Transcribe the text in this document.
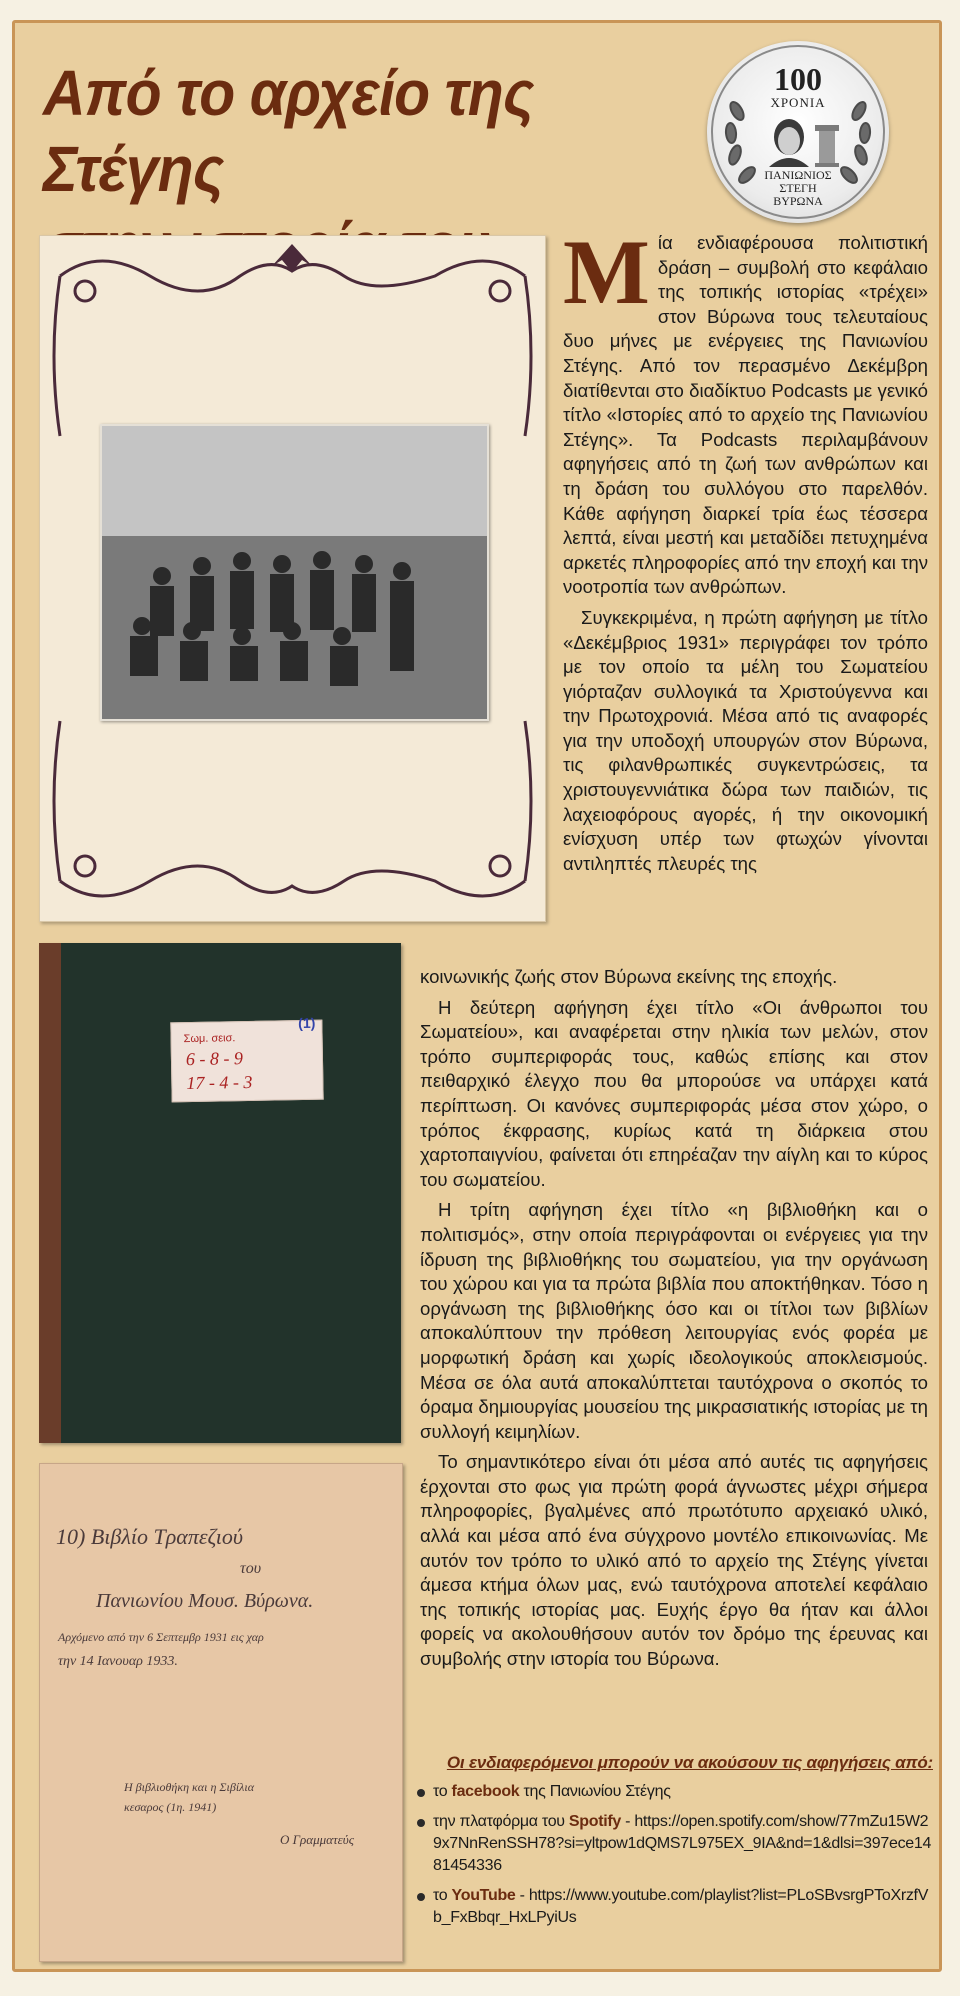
Από το αρχείο της Στέγης

100
ΧΡΟΝΙΑ
ΠΑΝΙΩΝΙΟΣ
ΣΤΕΓΗ
ΒΥΡΩΝΑ
(1)
Σωμ. σεισ.
6 - 8 - 9
17 - 4 - 3
10) Βιβλίο Τραπεζιού
του
Πανιωνίου Μουσ. Βύρωνα.
Αρχόμενο από την 6 Σεπτεμβρ 1931 εις χαρ
την 14 Ιανουαρ 1933.
Η βιβλιοθήκη και η Σιβίλια
κεσαρος (1η. 1941)
Ο Γραμματεύς

Μία ενδιαφέρουσα πολιτιστική δράση – συμβολή στο κεφάλαιο της τοπικής ιστορίας «τρέχει» στον Βύρωνα τους τελευταίους δυο μήνες με ενέργειες της Πανιωνίου Στέγης. Από τον περασμένο Δεκέμβρη διατίθενται στο διαδίκτυο Podcasts με γενικό τίτλο «Ιστορίες από το αρχείο της Πανιωνίου Στέγης». Τα Podcasts περιλαμβάνουν αφηγήσεις από τη ζωή των ανθρώπων και τη δράση του συλλόγου στο παρελθόν. Κάθε αφήγηση διαρκεί τρία έως τέσσερα λεπτά, είναι μεστή και μεταδίδει πετυχημένα αρκετές πληροφορίες από την εποχή και την νοοτροπία των ανθρώπων.

Συγκεκριμένα, η πρώτη αφήγηση με τίτλο «Δεκέμβριος 1931» περιγράφει τον τρόπο με τον οποίο τα μέλη του Σωματείου γιόρταζαν συλλογικά τα Χριστούγεννα και την Πρωτοχρονιά. Μέσα από τις αναφορές για την υποδοχή υπουργών στον Βύρωνα, τις φιλανθρωπικές συγκεντρώσεις, τα χριστουγεννιάτικα δώρα των παιδιών, τις λαχειοφόρους αγορές, ή την οικονομική ενίσχυση υπέρ των φτωχών γίνονται αντιληπτές πλευρές της

κοινωνικής ζωής στον Βύρωνα εκείνης της εποχής.

Η δεύτερη αφήγηση έχει τίτλο «Οι άνθρωποι του Σωματείου», και αναφέρεται στην ηλικία των μελών, στον τρόπο συμπεριφοράς τους, καθώς επίσης και στον πειθαρχικό έλεγχο που θα μπορούσε να υπάρχει κατά περίπτωση. Οι κανόνες συμπεριφοράς μέσα στον χώρο, ο τρόπος έκφρασης, κυρίως κατά τη διάρκεια στου χαρτοπαιγνίου, φαίνεται ότι επηρέαζαν την αίγλη και το κύρος του σωματείου.

Η τρίτη αφήγηση έχει τίτλο «η βιβλιοθήκη και ο πολιτισμός», στην οποία περιγράφονται οι ενέργειες για την ίδρυση της βιβλιοθήκης του σωματείου, για την οργάνωση του χώρου και για τα πρώτα βιβλία που αποκτήθηκαν. Τόσο η οργάνωση της βιβλιοθήκης όσο και οι τίτλοι των βιβλίων αποκαλύπτουν την πρόθεση λειτουργίας ενός φορέα με μορφωτική δράση και χωρίς ιδεολογικούς αποκλεισμούς. Μέσα σε όλα αυτά αποκαλύπτεται ταυτόχρονα ο σκοπός το όραμα δημιουργίας μουσείου της μικρασιατικής ιστορίας με τη συλλογή κειμηλίων.

Το σημαντικότερο είναι ότι μέσα από αυτές τις αφηγήσεις έρχονται στο φως για πρώτη φορά άγνωστες μέχρι σήμερα πληροφορίες, βγαλμένες από πρωτότυπο αρχειακό υλικό, αλλά και μέσα από ένα σύγχρονο μοντέλο επικοινωνίας. Με αυτόν τον τρόπο το υλικό από το αρχείο της Στέγης γίνεται άμεσα κτήμα όλων μας, ενώ ταυτόχρονα αποτελεί κεφάλαιο της τοπικής ιστορίας μας. Ευχής έργο θα ήταν και άλλοι φορείς να ακολουθήσουν αυτόν τον δρόμο της έρευνας και συμβολής στην ιστορία του Βύρωνα.

Οι ενδιαφερόμενοι μπορούν να ακούσουν τις αφηγήσεις από:
το facebook της Πανιωνίου Στέγης
την πλατφόρμα του Spotify - https://open.spotify.com/show/77mZu15W29x7NnRenSSH78?si=yltpow1dQMS7L975EX_9IA&nd=1&dlsi=397ece1481454336
το YouTube - https://www.youtube.com/playlist?list=PLoSBvsrgPToXrzfVb_FxBbqr_HxLPyiUs
